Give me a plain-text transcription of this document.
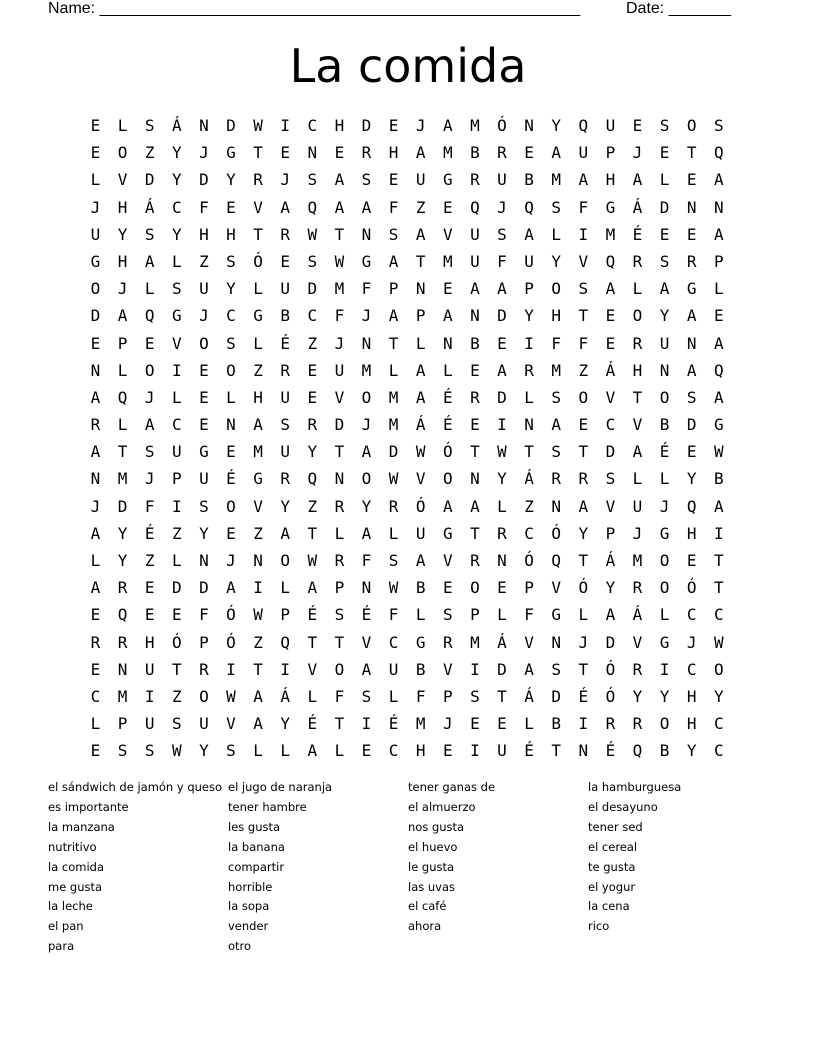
Name: ______________________________________________________	Date: _______
La comida
E	L	S	Á	N	D	W	I	C	H	D	E	J	A	M	Ó	N	Y	Q	U	E	S	O	S
E	O	Z	Y	J	G	T	E	N	E	R	H	A	M	B	R	E	A	U	P	J	E	T	Q
L	V	D	Y	D	Y	R	J	S	A	S	E	U	G	R	U	B	M	A	H	A	L	E	A
J	H	Á	C	F	E	V	A	Q	A	A	F	Z	E	Q	J	Q	S	F	G	Á	D	N	N
U	Y	S	Y	H	H	T	R	W	T	N	S	A	V	U	S	A	L	I	M	É	E	E	A
G	H	A	L	Z	S	Ó	E	S	W	G	A	T	M	U	F	U	Y	V	Q	R	S	R	P
O	J	L	S	U	Y	L	U	D	M	F	P	N	E	A	A	P	O	S	A	L	A	G	L
D	A	Q	G	J	C	G	B	C	F	J	A	P	A	N	D	Y	H	T	E	O	Y	A	E
E	P	E	V	O	S	L	É	Z	J	N	T	L	N	B	E	I	F	F	E	R	U	N	A
N	L	O	I	E	O	Z	R	E	U	M	L	A	L	E	A	R	M	Z	Á	H	N	A	Q
A	Q	J	L	E	L	H	U	E	V	O	M	A	É	R	D	L	S	O	V	T	O	S	A
R	L	A	C	E	N	A	S	R	D	J	M	Á	É	E	I	N	A	E	C	V	B	D	G
A	T	S	U	G	E	M	U	Y	T	A	D	W	Ó	T	W	T	S	T	D	A	É	E	W
N	M	J	P	U	É	G	R	Q	N	O	W	V	O	N	Y	Á	R	R	S	L	L	Y	B
J	D	F	I	S	O	V	Y	Z	R	Y	R	Ó	A	A	L	Z	N	A	V	U	J	Q	A
A	Y	É	Z	Y	E	Z	A	T	L	A	L	U	G	T	R	C	Ó	Y	P	J	G	H	I
L	Y	Z	L	N	J	N	O	W	R	F	S	A	V	R	N	Ó	Q	T	Á	M	O	E	T
A	R	E	D	D	A	I	L	A	P	N	W	B	E	O	E	P	V	Ó	Y	R	O	Ó	T
E	Q	E	E	F	Ó	W	P	É	S	É	F	L	S	P	L	F	G	L	A	Á	L	C	C
R	R	H	Ó	P	Ó	Z	Q	T	T	V	C	G	R	M	Á	V	N	J	D	V	G	J	W
E	N	U	T	R	I	T	I	V	O	A	U	B	V	I	D	A	S	T	Ó	R	I	C	O
C	M	I	Z	O	W	A	Á	L	F	S	L	F	P	S	T	Á	D	É	Ó	Y	Y	H	Y
L	P	U	S	U	V	A	Y	É	T	I	É	M	J	E	E	L	B	I	R	R	O	H	C
E	S	S	W	Y	S	L	L	A	L	E	C	H	E	I	U	É	T	N	É	Q	B	Y	C
el sándwich de jamón y queso
es importante
la manzana
nutritivo
la comida
me gusta
la leche
el pan
para
el jugo de naranja
tener hambre
les gusta
la banana
compartir
horrible
la sopa
vender
otro
tener ganas de
el almuerzo
nos gusta
el huevo
le gusta
las uvas
el café
ahora
la hamburguesa
el desayuno
tener sed
el cereal
te gusta
el yogur
la cena
rico
